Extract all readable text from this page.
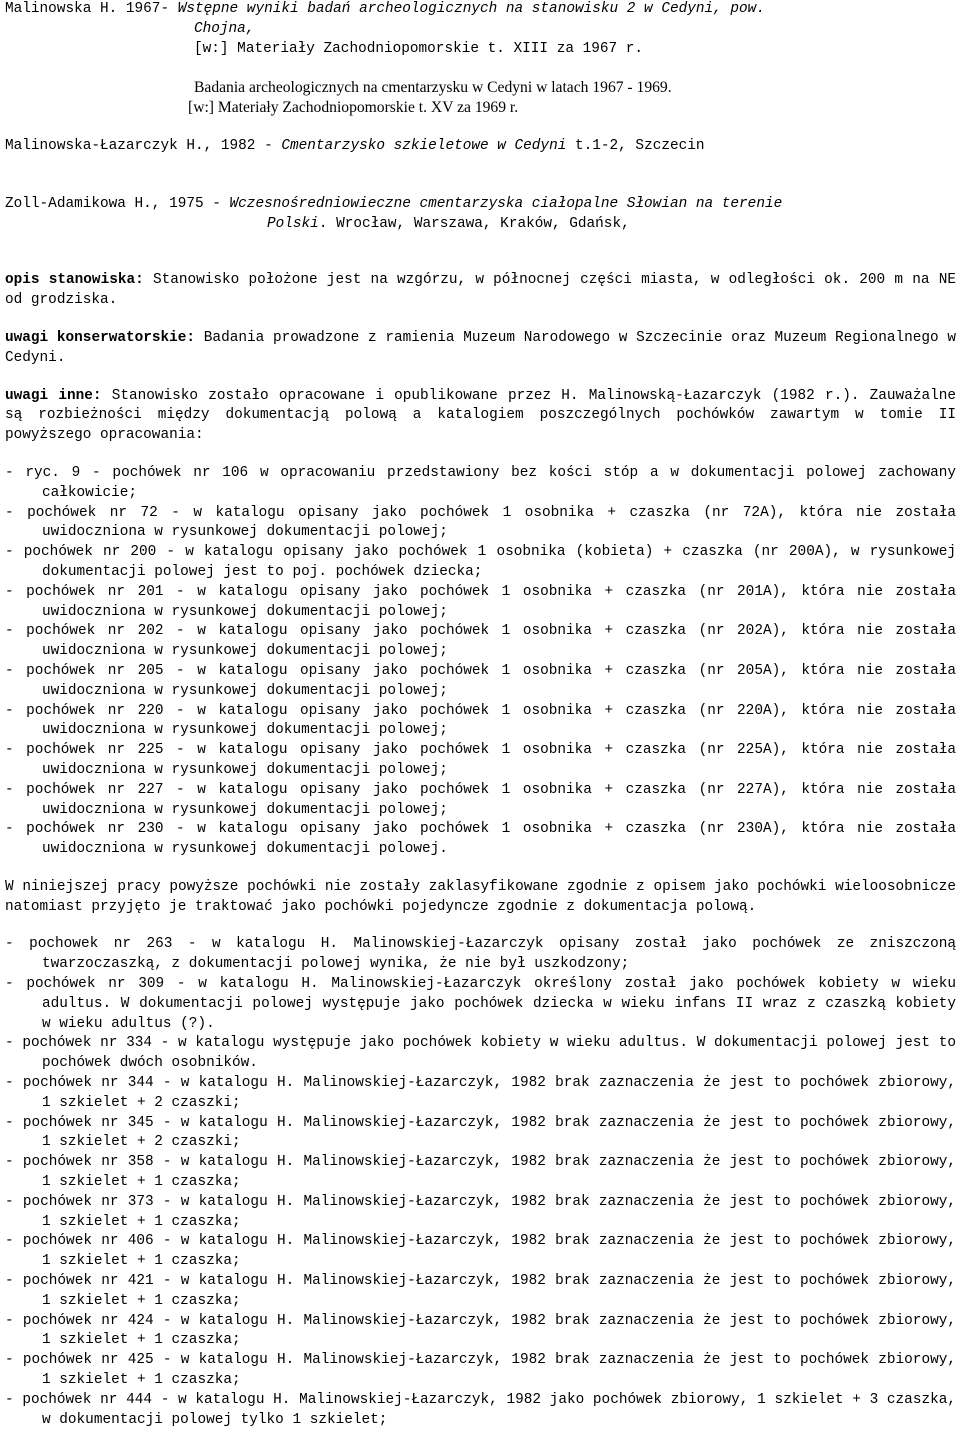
Malinowska H. 1967- Wstępne wyniki badań archeologicznych na stanowisku 2 w Cedyni, pow.
Chojna,
[w:] Materiały Zachodniopomorskie t. XIII za 1967 r.
Badania archeologicznych na cmentarzysku w Cedyni w latach 1967 - 1969.
[w:] Materiały Zachodniopomorskie t. XV za 1969 r.
Malinowska-Łazarczyk H., 1982 - Cmentarzysko szkieletowe w Cedyni t.1-2, Szczecin
Zoll-Adamikowa H., 1975 - Wczesnośredniowieczne cmentarzyska ciałopalne Słowian na terenie
Polski. Wrocław, Warszawa, Kraków, Gdańsk,
opis stanowiska: Stanowisko położone jest na wzgórzu, w północnej części miasta, w odległości ok. 200 m na NE od grodziska.
uwagi konserwatorskie: Badania prowadzone z ramienia Muzeum Narodowego w Szczecinie oraz Muzeum Regionalnego w Cedyni.
uwagi inne: Stanowisko zostało opracowane i opublikowane przez H. Malinowską-Łazarczyk (1982 r.). Zauważalne są rozbieżności między dokumentacją polową a katalogiem poszczególnych pochówków zawartym w tomie II powyższego opracowania:
- ryc. 9 - pochówek nr 106 w opracowaniu przedstawiony bez kości stóp a w dokumentacji polowej zachowany całkowicie;
- pochówek nr 72 - w katalogu opisany jako pochówek 1 osobnika + czaszka (nr 72A), która nie została uwidoczniona w rysunkowej dokumentacji polowej;
- pochówek nr 200 - w katalogu opisany jako pochówek 1 osobnika (kobieta) + czaszka (nr 200A), w rysunkowej dokumentacji polowej jest to poj. pochówek dziecka;
- pochówek nr 201 - w katalogu opisany jako pochówek 1 osobnika + czaszka (nr 201A), która nie została uwidoczniona w rysunkowej dokumentacji polowej;
- pochówek nr 202 - w katalogu opisany jako pochówek 1 osobnika + czaszka (nr 202A), która nie została uwidoczniona w rysunkowej dokumentacji polowej;
- pochówek nr 205 - w katalogu opisany jako pochówek 1 osobnika + czaszka (nr 205A), która nie została uwidoczniona w rysunkowej dokumentacji polowej;
- pochówek nr 220 - w katalogu opisany jako pochówek 1 osobnika + czaszka (nr 220A), która nie została uwidoczniona w rysunkowej dokumentacji polowej;
- pochówek nr 225 - w katalogu opisany jako pochówek 1 osobnika + czaszka (nr 225A), która nie została uwidoczniona w rysunkowej dokumentacji polowej;
- pochówek nr 227 - w katalogu opisany jako pochówek 1 osobnika + czaszka (nr 227A), która nie została uwidoczniona w rysunkowej dokumentacji polowej;
- pochówek nr 230 - w katalogu opisany jako pochówek 1 osobnika + czaszka (nr 230A), która nie została uwidoczniona w rysunkowej dokumentacji polowej.
W niniejszej pracy powyższe pochówki nie zostały zaklasyfikowane zgodnie z opisem jako pochówki wieloosobnicze natomiast przyjęto je traktować jako pochówki pojedyncze zgodnie z dokumentacja polową.
- pochowek nr 263 - w katalogu H. Malinowskiej-Łazarczyk opisany został jako pochówek ze zniszczoną twarzoczaszką, z dokumentacji polowej wynika, że nie był uszkodzony;
- pochówek nr 309 - w katalogu H. Malinowskiej-Łazarczyk określony został jako pochówek kobiety w wieku adultus. W dokumentacji polowej występuje jako pochówek dziecka w wieku infans II wraz z czaszką kobiety w wieku adultus (?).
- pochówek nr 334 - w katalogu występuje jako pochówek kobiety w wieku adultus. W dokumentacji polowej jest to pochówek dwóch osobników.
- pochówek nr 344 - w katalogu H. Malinowskiej-Łazarczyk, 1982 brak zaznaczenia że jest to pochówek zbiorowy, 1 szkielet + 2 czaszki;
- pochówek nr 345 - w katalogu H. Malinowskiej-Łazarczyk, 1982 brak zaznaczenia że jest to pochówek zbiorowy, 1 szkielet + 2 czaszki;
- pochówek nr 358 - w katalogu H. Malinowskiej-Łazarczyk, 1982 brak zaznaczenia że jest to pochówek zbiorowy, 1 szkielet + 1 czaszka;
- pochówek nr 373 - w katalogu H. Malinowskiej-Łazarczyk, 1982 brak zaznaczenia że jest to pochówek zbiorowy, 1 szkielet + 1 czaszka;
- pochówek nr 406 - w katalogu H. Malinowskiej-Łazarczyk, 1982 brak zaznaczenia że jest to pochówek zbiorowy, 1 szkielet + 1 czaszka;
- pochówek nr 421 - w katalogu H. Malinowskiej-Łazarczyk, 1982 brak zaznaczenia że jest to pochówek zbiorowy, 1 szkielet + 1 czaszka;
- pochówek nr 424 - w katalogu H. Malinowskiej-Łazarczyk, 1982 brak zaznaczenia że jest to pochówek zbiorowy, 1 szkielet + 1 czaszka;
- pochówek nr 425 - w katalogu H. Malinowskiej-Łazarczyk, 1982 brak zaznaczenia że jest to pochówek zbiorowy, 1 szkielet + 1 czaszka;
- pochówek nr 444 - w katalogu H. Malinowskiej-Łazarczyk, 1982 jako pochówek zbiorowy, 1 szkielet + 3 czaszka, w dokumentacji polowej tylko 1 szkielet;
